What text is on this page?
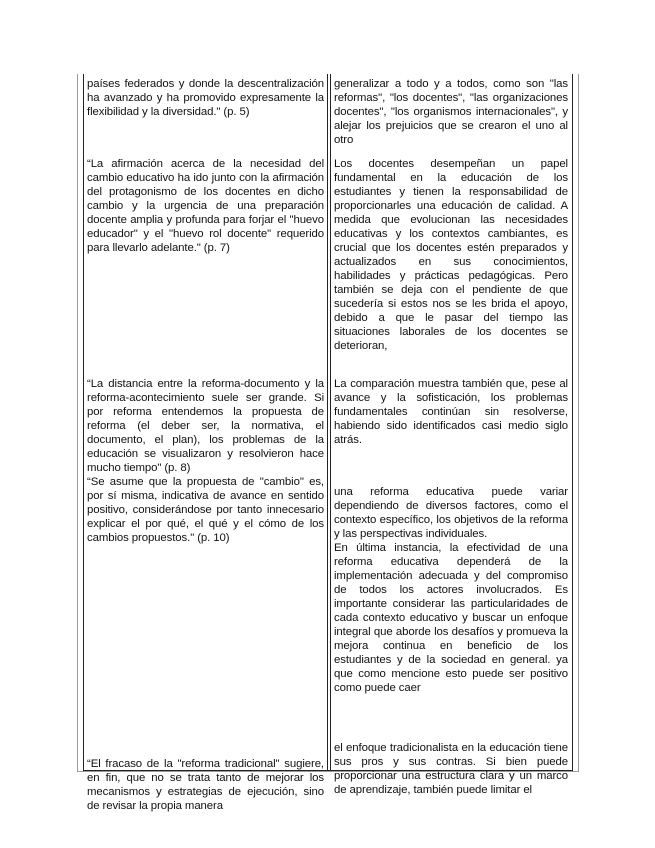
países federados y donde la descentralización ha avanzado y ha promovido expresamente la flexibilidad y la diversidad." (p. 5)

“La afirmación acerca de la necesidad del cambio educativo ha ido junto con la afirmación del protagonismo de los docentes en dicho cambio y la urgencia de una preparación docente amplia y profunda para forjar el "huevo educador" y el "huevo rol docente" requerido para llevarlo adelante." (p. 7)

“La distancia entre la reforma-documento y la reforma-acontecimiento suele ser grande. Si por reforma entendemos la propuesta de reforma (el deber ser, la normativa, el documento, el plan), los problemas de la educación se visualizaron y resolvieron hace mucho tiempo" (p. 8)

“Se asume que la propuesta de "cambio" es, por sí misma, indicativa de avance en sentido positivo, considerándose por tanto innecesario explicar el por qué, el qué y el cómo de los cambios propuestos." (p. 10)

“El fracaso de la "reforma tradicional" sugiere, en fin, que no se trata tanto de mejorar los mecanismos y estrategias de ejecución, sino de revisar la propia manera

generalizar a todo y a todos, como son "las reformas", "los docentes", "las organizaciones docentes", "los organismos internacionales", y alejar los prejuicios que se crearon el uno al otro

Los docentes desempeñan un papel fundamental en la educación de los estudiantes y tienen la responsabilidad de proporcionarles una educación de calidad. A medida que evolucionan las necesidades educativas y los contextos cambiantes, es crucial que los docentes estén preparados y actualizados en sus conocimientos, habilidades y prácticas pedagógicas. Pero también se deja con el pendiente de que sucedería si estos nos se les brida el apoyo, debido a que le pasar del tiempo las situaciones laborales de los docentes se deterioran,

La comparación muestra también que, pese al avance y la sofisticación, los problemas fundamentales continúan sin resolverse, habiendo sido identificados casi medio siglo atrás.

una reforma educativa puede variar dependiendo de diversos factores, como el contexto específico, los objetivos de la reforma y las perspectivas individuales.

En última instancia, la efectividad de una reforma educativa dependerá de la implementación adecuada y del compromiso de todos los actores involucrados. Es importante considerar las particularidades de cada contexto educativo y buscar un enfoque integral que aborde los desafíos y promueva la mejora continua en beneficio de los estudiantes y de la sociedad en general. ya que como mencione esto puede ser positivo como puede caer

el enfoque tradicionalista en la educación tiene sus pros y sus contras. Si bien puede proporcionar una estructura clara y un marco de aprendizaje, también puede limitar el
